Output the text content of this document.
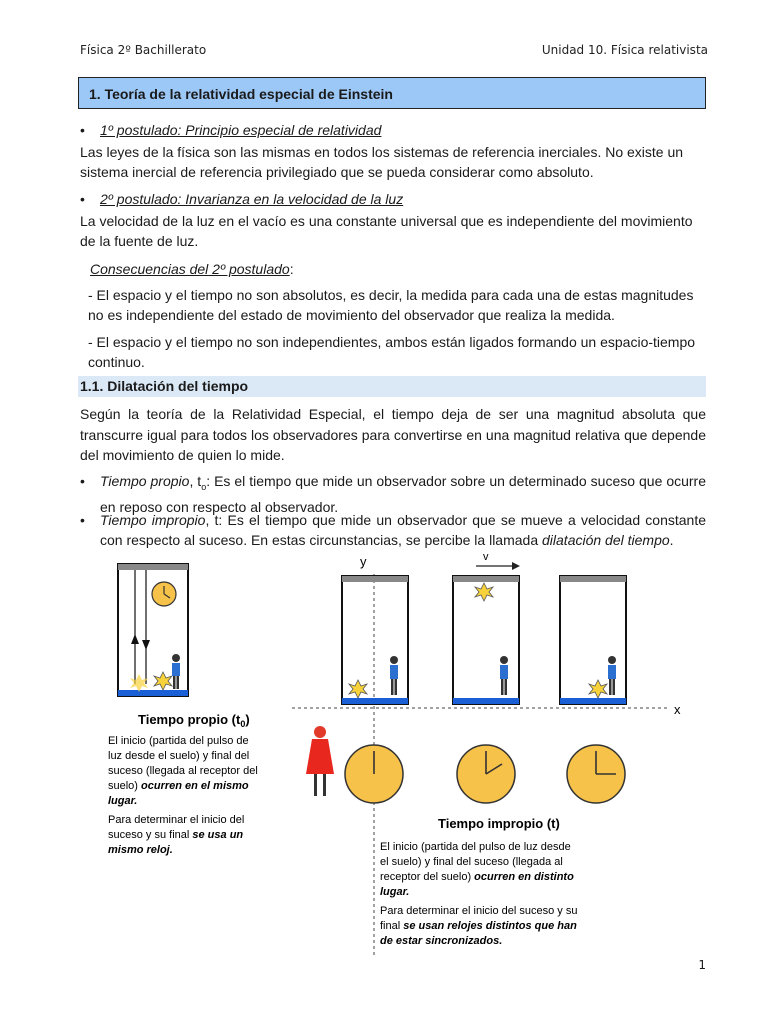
Física 2º Bachillerato	Unidad 10. Física relativista
1. Teoría de la relatividad especial de Einstein
• 1º postulado: Principio especial de relatividad
Las leyes de la física son las mismas en todos los sistemas de referencia inerciales. No existe un sistema inercial de referencia privilegiado que se pueda considerar como absoluto.
• 2º postulado: Invarianza en la velocidad de la luz
La velocidad de la luz en el vacío es una constante universal que es independiente del movimiento de la fuente de luz.
Consecuencias del 2º postulado:
- El espacio y el tiempo no son absolutos, es decir, la medida para cada una de estas magnitudes no es independiente del estado de movimiento del observador que realiza la medida.
- El espacio y el tiempo no son independientes, ambos están ligados formando un espacio-tiempo continuo.
1.1. Dilatación del tiempo
Según la teoría de la Relatividad Especial, el tiempo deja de ser una magnitud absoluta que transcurre igual para todos los observadores para convertirse en una magnitud relativa que depende del movimiento de quien lo mide.
• Tiempo propio, $t_o$: Es el tiempo que mide un observador sobre un determinado suceso que ocurre en reposo con respecto al observador.
• Tiempo impropio, t: Es el tiempo que mide un observador que se mueve a velocidad constante con respecto al suceso. En estas circunstancias, se percibe la llamada dilatación del tiempo.
y
x
v
Tiempo propio $(t_0)$
El inicio (partida del pulso de
luz desde el suelo) y final del
suceso (llegada al receptor del
suelo) ocurren en el mismo
lugar.
Para determinar el inicio del
suceso y su final se usa un
mismo reloj.
Tiempo impropio (t)
El inicio (partida del pulso de luz desde
el suelo) y final del suceso (llegada al
receptor del suelo) ocurren en distinto
lugar.
Para determinar el inicio del suceso y su
final se usan relojes distintos que han
de estar sincronizados.
1
